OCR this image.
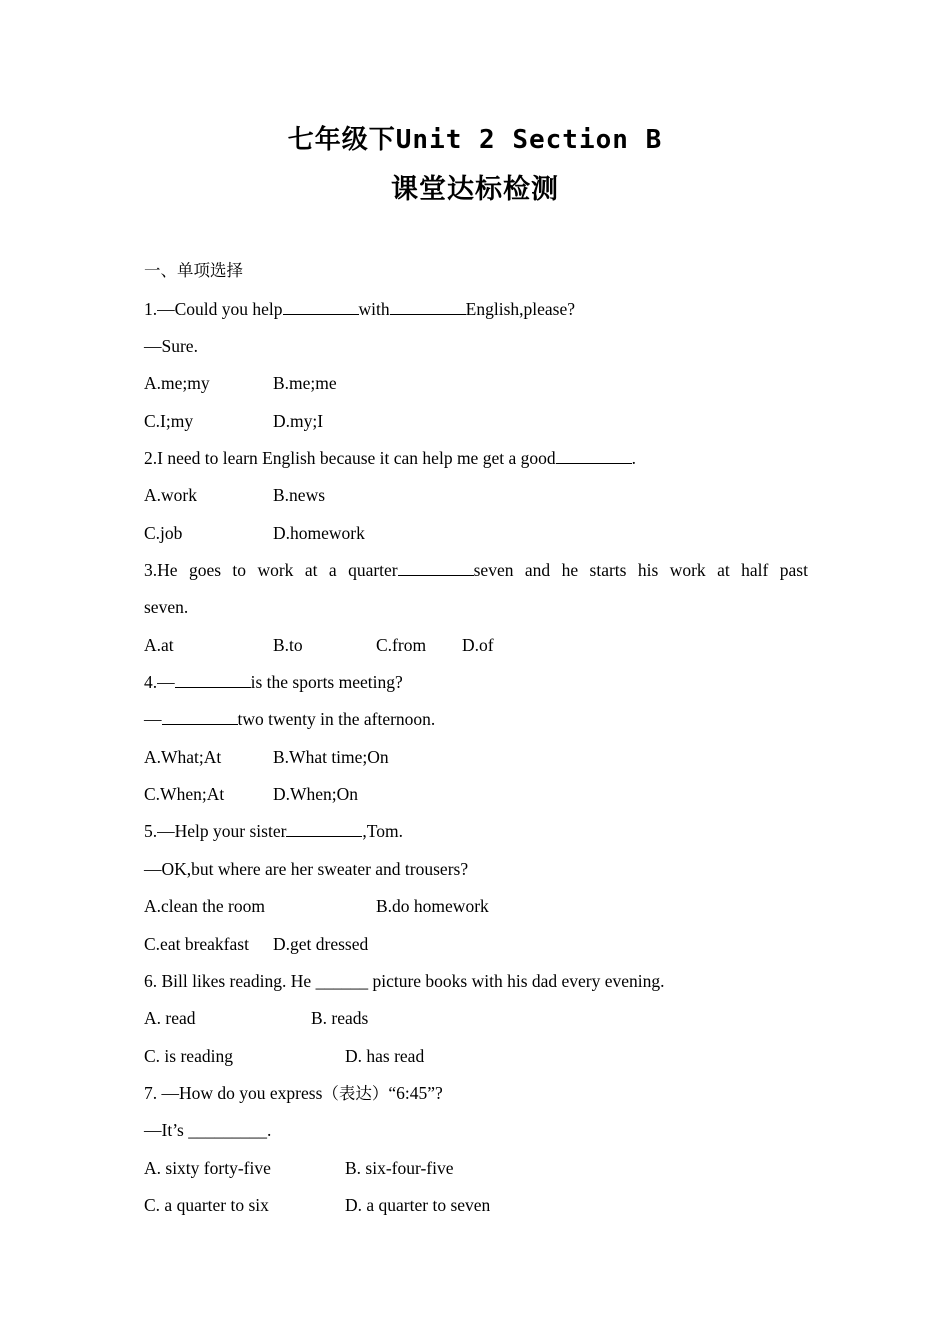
七年级下Unit 2 Section B
课堂达标检测
一、单项选择
1.—Could you help	with	English,please?
—Sure.
A.me;my	B.me;me
C.I;my	D.my;I
2.I need to learn English because it can help me get a good	.
A.work	B.news
C.job	D.homework
3.He goes to work at a quarter	seven and he starts his work at half past
seven.
A.at	B.to	C.from D.of
4.—	is the sports meeting?
—	two twenty in the afternoon.
A.What;At	B.What time;On
C.When;At	D.When;On
5.—Help your sister	,Tom.
—OK,but where are her sweater and trousers?
A.clean the room	B.do homework
C.eat breakfast D.get dressed
6. Bill likes reading. He ______ picture books with his dad every evening.
A. read	B. reads
C. is reading	D. has read
7. —How do you express（表达）“6:45”?
—It’s _________.
A. sixty forty-five	B. six-four-five
C. a quarter to six	D. a quarter to seven
